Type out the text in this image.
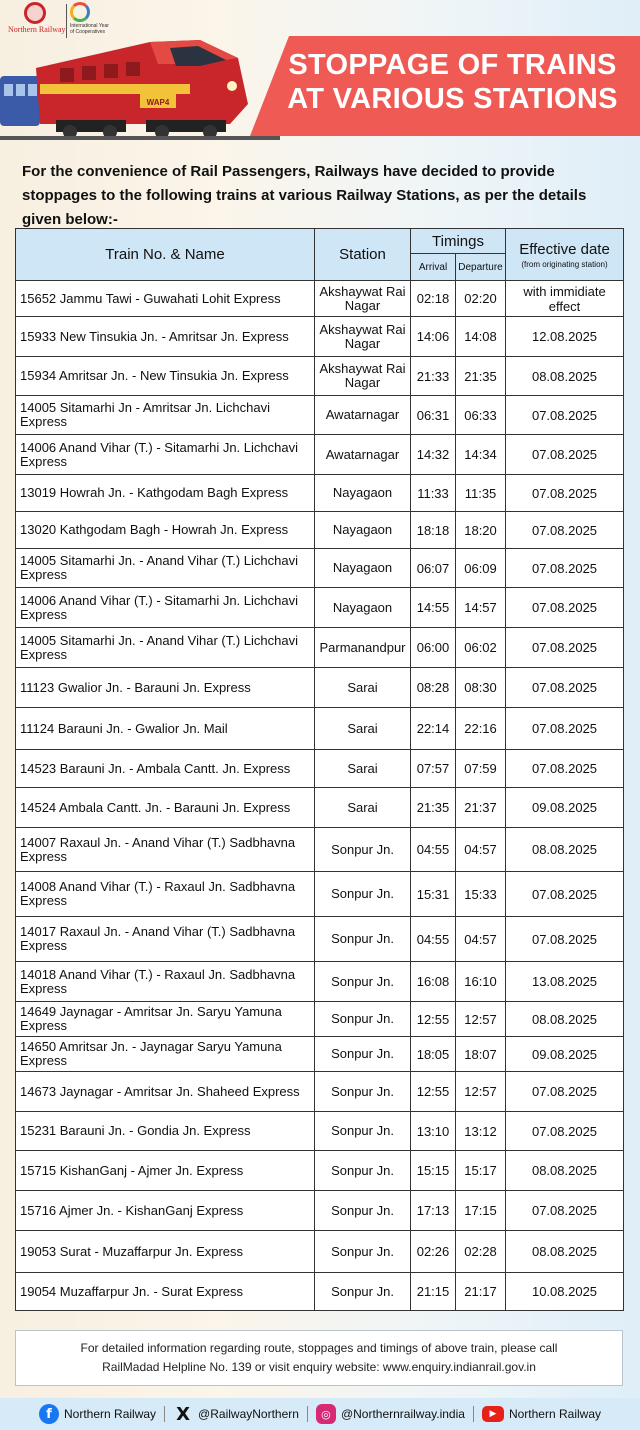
Northern Railway International Year of Cooperatives
WAP4
STOPPAGE OF TRAINS
AT VARIOUS STATIONS
For the convenience of Rail Passengers, Railways have decided to provide stoppages to the following trains at various Railway Stations, as per the details given below:-
Train No. & Name	Station	Timings		Effective date
(from originating station)

		Arrival	Departure	
15652 Jammu Tawi - Guwahati Lohit Express	Akshaywat Rai Nagar	02:18	02:20	with immidiate effect
15933 New Tinsukia Jn. - Amritsar Jn. Express	Akshaywat Rai Nagar	14:06	14:08	12.08.2025
15934 Amritsar Jn. - New Tinsukia Jn. Express	Akshaywat Rai Nagar	21:33	21:35	08.08.2025
14005 Sitamarhi Jn - Amritsar Jn. Lichchavi Express	Awatarnagar	06:31	06:33	07.08.2025
14006 Anand Vihar (T.) - Sitamarhi Jn. Lichchavi Express	Awatarnagar	14:32	14:34	07.08.2025
13019 Howrah Jn. - Kathgodam Bagh Express	Nayagaon	11:33	11:35	07.08.2025
13020 Kathgodam Bagh - Howrah Jn. Express	Nayagaon	18:18	18:20	07.08.2025
14005 Sitamarhi Jn. - Anand Vihar (T.) Lichchavi Express	Nayagaon	06:07	06:09	07.08.2025
14006 Anand Vihar (T.) - Sitamarhi Jn. Lichchavi Express	Nayagaon	14:55	14:57	07.08.2025
14005 Sitamarhi Jn. - Anand Vihar (T.) Lichchavi Express	Parmanandpur	06:00	06:02	07.08.2025
11123 Gwalior Jn. - Barauni Jn. Express	Sarai	08:28	08:30	07.08.2025
11124 Barauni Jn. - Gwalior Jn. Mail	Sarai	22:14	22:16	07.08.2025
14523 Barauni Jn. - Ambala Cantt. Jn. Express	Sarai	07:57	07:59	07.08.2025
14524 Ambala Cantt. Jn. - Barauni Jn. Express	Sarai	21:35	21:37	09.08.2025
14007 Raxaul Jn. - Anand Vihar (T.) Sadbhavna Express	Sonpur Jn.	04:55	04:57	08.08.2025
14008 Anand Vihar (T.) - Raxaul Jn. Sadbhavna Express	Sonpur Jn.	15:31	15:33	07.08.2025
14017 Raxaul Jn. - Anand Vihar (T.) Sadbhavna Express	Sonpur Jn.	04:55	04:57	07.08.2025
14018 Anand Vihar (T.) - Raxaul Jn. Sadbhavna Express	Sonpur Jn.	16:08	16:10	13.08.2025
14649 Jaynagar - Amritsar Jn. Saryu Yamuna Express	Sonpur Jn.	12:55	12:57	08.08.2025
14650 Amritsar Jn. - Jaynagar Saryu Yamuna Express	Sonpur Jn.	18:05	18:07	09.08.2025
14673 Jaynagar - Amritsar Jn. Shaheed Express	Sonpur Jn.	12:55	12:57	07.08.2025
15231 Barauni Jn. - Gondia Jn. Express	Sonpur Jn.	13:10	13:12	07.08.2025
15715 KishanGanj - Ajmer Jn. Express	Sonpur Jn.	15:15	15:17	08.08.2025
15716 Ajmer Jn. - KishanGanj Express	Sonpur Jn.	17:13	17:15	07.08.2025
19053 Surat - Muzaffarpur Jn. Express	Sonpur Jn.	02:26	02:28	08.08.2025
19054 Muzaffarpur Jn. - Surat Express	Sonpur Jn.	21:15	21:17	10.08.2025
For detailed information regarding route, stoppages and timings of above train, please call
RailMadad Helpline No. 139 or visit enquiry website: www.enquiry.indianrail.gov.in
f	Northern Railway X @RailwayNorthern	◎ @Northernrailway.india	▶	Northern Railway
